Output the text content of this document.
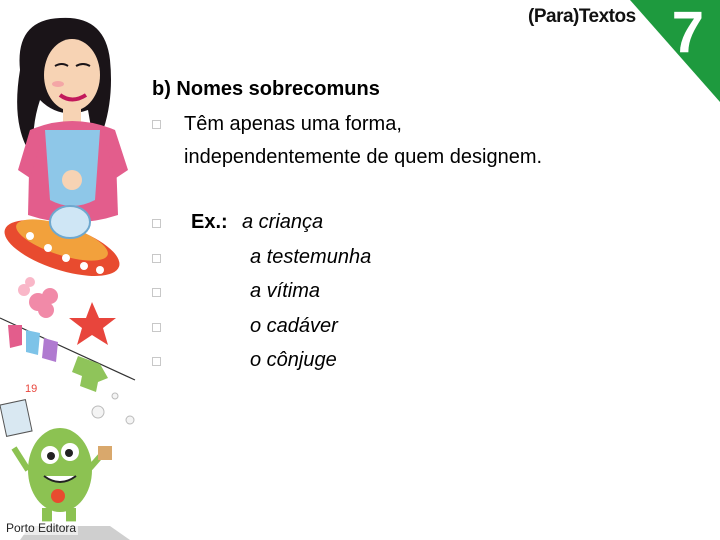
19
(Para)Textos 7
b) Nomes sobrecomuns
Têm apenas uma forma,
independentemente de quem designem.
Ex.: a criança
a testemunha
a vítima
o cadáver
o cônjuge
Porto Editora
